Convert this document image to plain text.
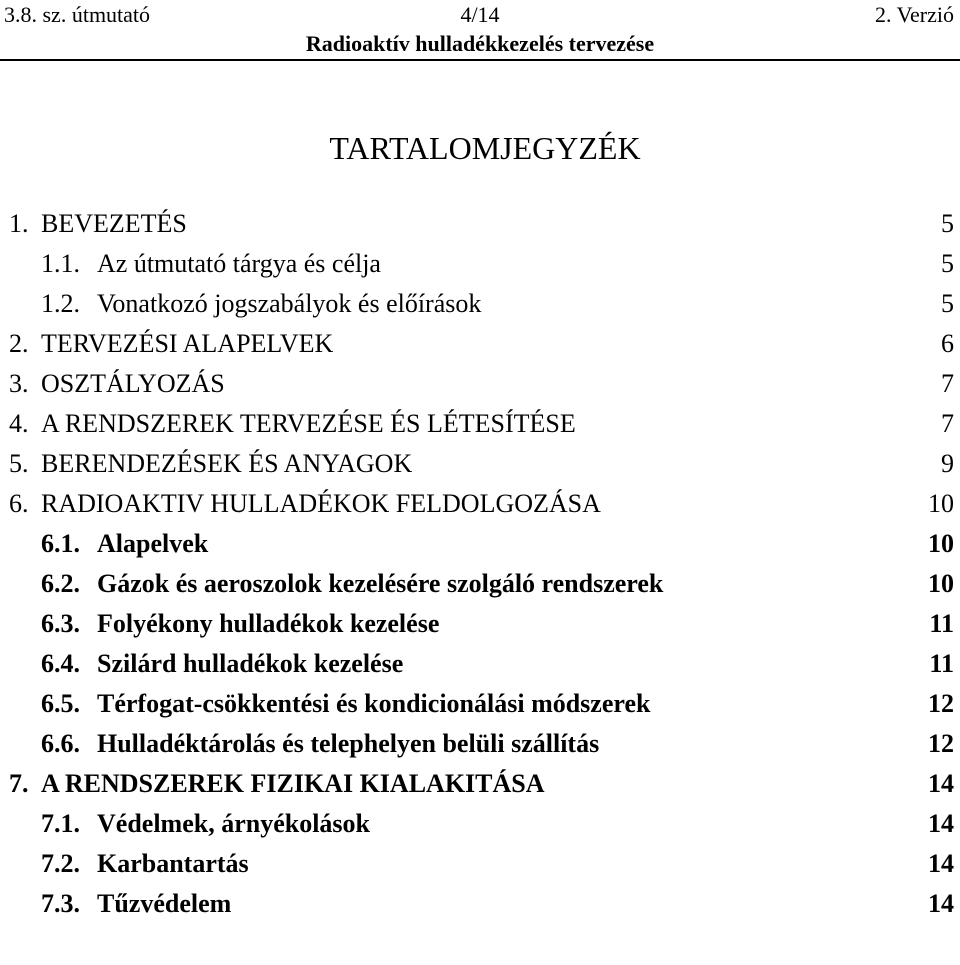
3.8. sz. útmutató	4/14	2. Verzió
Radioaktív hulladékkezelés tervezése
TARTALOMJEGYZÉK
1. BEVEZETÉS	5
1.1. Az útmutató tárgya és célja	5
1.2. Vonatkozó jogszabályok és előírások	5
2. TERVEZÉSI ALAPELVEK	6
3. OSZTÁLYOZÁS	7
4. A RENDSZEREK TERVEZÉSE ÉS LÉTESÍTÉSE	7
5. BERENDEZÉSEK ÉS ANYAGOK	9
6. RADIOAKTIV HULLADÉKOK FELDOLGOZÁSA	10
6.1. Alapelvek	10
6.2. Gázok és aeroszolok kezelésére szolgáló rendszerek	10
6.3. Folyékony hulladékok kezelése	11
6.4. Szilárd hulladékok kezelése	11
6.5. Térfogat-csökkentési és kondicionálási módszerek	12
6.6. Hulladéktárolás és telephelyen belüli szállítás	12
7. A RENDSZEREK FIZIKAI KIALAKITÁSA	14
7.1. Védelmek, árnyékolások	14
7.2. Karbantartás	14
7.3. Tűzvédelem	14
